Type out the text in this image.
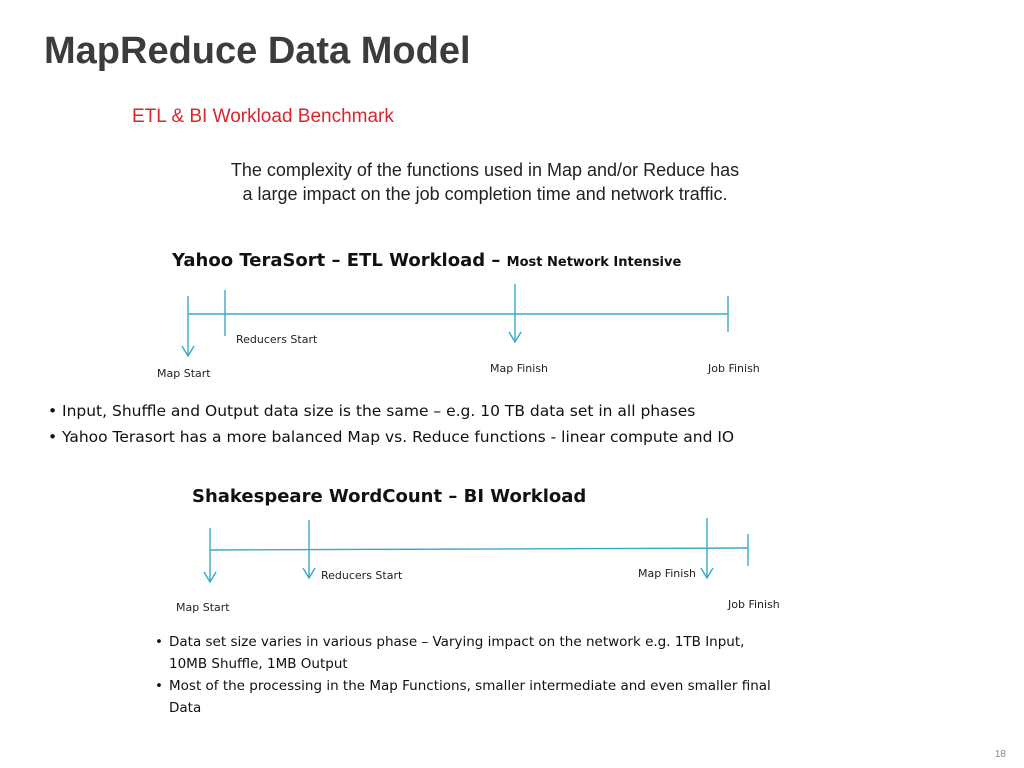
MapReduce Data Model
ETL & BI Workload Benchmark
The complexity of the functions used in Map and/or Reduce has
a large impact on the job completion time and network traffic.
Yahoo TeraSort – ETL Workload – Most Network Intensive
Reducers Start
Map Start	Map Finish	Job Finish
• Input, Shuffle and Output data size is the same – e.g. 10 TB data set in all phases
• Yahoo Terasort has a more balanced Map vs. Reduce functions - linear compute and IO
Shakespeare WordCount – BI Workload
Reducers Start	Map Finish
Map Start	Job Finish
• Data set size varies in various phase – Varying impact on the network e.g. 1TB Input,
10MB Shuffle, 1MB Output
• Most of the processing in the Map Functions, smaller intermediate and even smaller final
Data
18
